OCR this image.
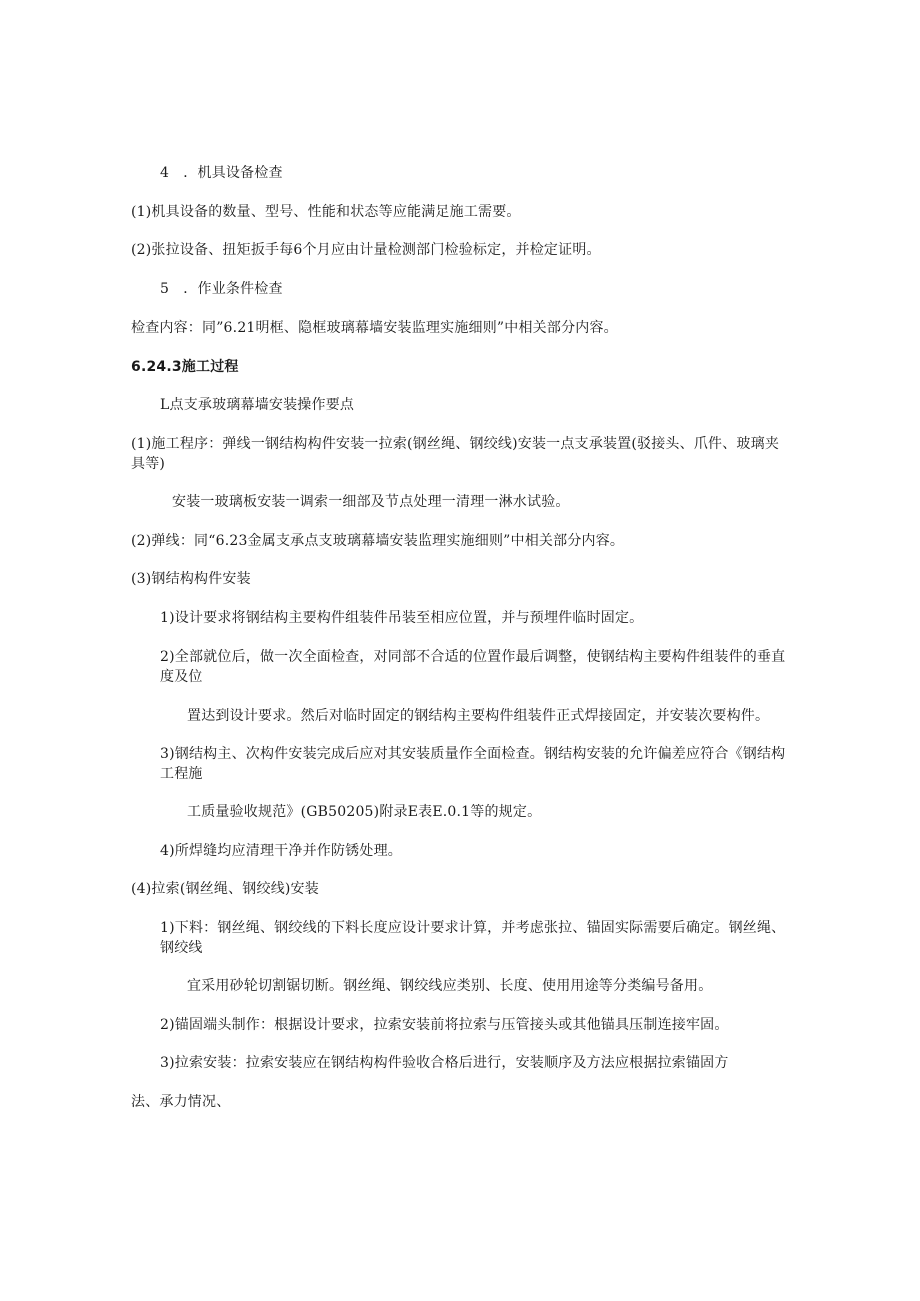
4　．机具设备检查
(1)机具设备的数量、型号、性能和状态等应能满足施工需要。
(2)张拉设备、扭矩扳手每6个月应由计量检测部门检验标定，并检定证明。
5　．作业条件检查
检查内容：同”6.21明框、隐框玻璃幕墙安装监理实施细则”中相关部分内容。
6.24.3施工过程
L点支承玻璃幕墙安装操作要点
(1)施工程序：弹线一钢结构构件安装一拉索(钢丝绳、钢绞线)安装一点支承装置(驳接头、爪件、玻璃夹具等)
安装一玻璃板安装一调索一细部及节点处理一清理一淋水试验。
(2)弹线：同“6.23金属支承点支玻璃幕墙安装监理实施细则”中相关部分内容。
(3)钢结构构件安装
1)设计要求将钢结构主要构件组装件吊装至相应位置，并与预埋件临时固定。
2)全部就位后，做一次全面检查，对同部不合适的位置作最后调整，使钢结构主要构件组装件的垂直度及位
置达到设计要求。然后对临时固定的钢结构主要构件组装件正式焊接固定，并安装次要构件。
3)钢结构主、次构件安装完成后应对其安装质量作全面检查。钢结构安装的允许偏差应符合《钢结构工程施
工质量验收规范》(GB50205)附录E表E.0.1等的规定。
4)所焊缝均应清理干净并作防锈处理。
(4)拉索(钢丝绳、钢绞线)安装
1)下料：钢丝绳、钢绞线的下料长度应设计要求计算，并考虑张拉、锚固实际需要后确定。钢丝绳、钢绞线
宜采用砂轮切割锯切断。钢丝绳、钢绞线应类别、长度、使用用途等分类编号备用。
2)锚固端头制作：根据设计要求，拉索安装前将拉索与压管接头或其他锚具压制连接牢固。
3)拉索安装：拉索安装应在钢结构构件验收合格后进行，安装顺序及方法应根据拉索锚固方
法、承力情况、
